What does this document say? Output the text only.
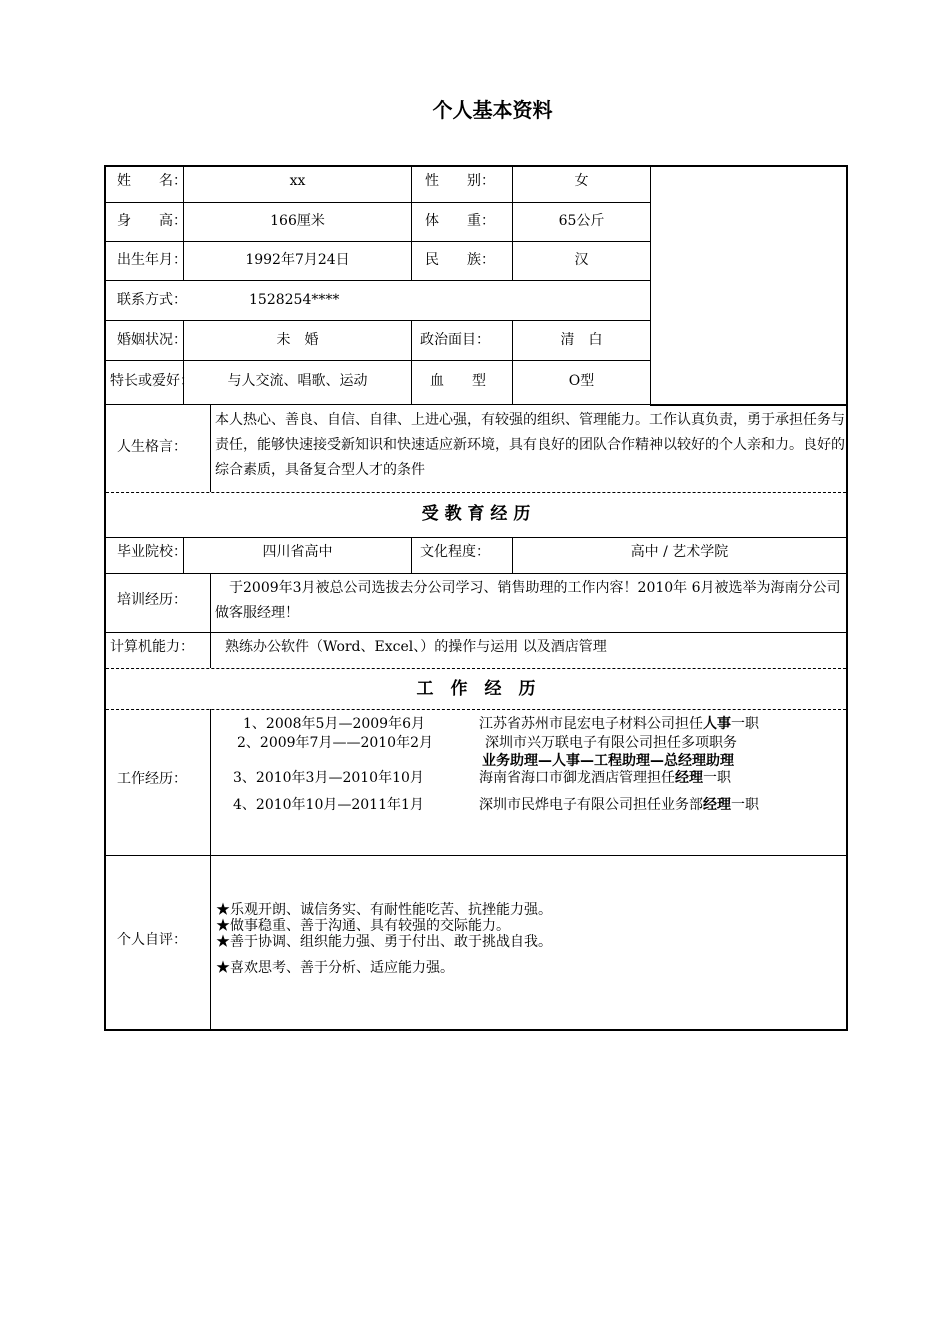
个人基本资料
姓　　名：	xx	性　　别：	女
身　　高：	166厘米	体　　重：	65公斤
出生年月：	1992年7月24日	民　　族：	汉
联系方式：	1528254****
婚姻状况：	未　婚	政治面目：	清　白
特长或爱好：	与人交流、唱歌、运动	血　　型	O型
人生格言：
本人热心、善良、自信、自律、上进心强，有较强的组织、管理能力。工作认真负责，勇于承担任务与责任，能够快速接受新知识和快速适应新环境，具有良好的团队合作精神以较好的个人亲和力。良好的综合素质，具备复合型人才的条件
受 教 育 经 历
毕业院校：	四川省高中	文化程度：	高中 / 艺术学院
培训经历：
　于2009年3月被总公司选拔去分公司学习、销售助理的工作内容！2010年 6月被选举为海南分公司做客服经理！
计算机能力： 熟练办公软件（Word、Excel、）的操作与运用 以及酒店管理
工　作　经　历
工作经历：
1、2008年5月—2009年6月	江苏省苏州市昆宏电子材料公司担任人事一职
2、2009年7月——2010年2月	深圳市兴万联电子有限公司担任多项职务
业务助理—人事—工程助理—总经理助理
3、2010年3月—2010年10月	海南省海口市御龙酒店管理担任经理一职
4、2010年10月—2011年1月	深圳市民烨电子有限公司担任业务部经理一职
个人自评：
★乐观开朗、诚信务实、有耐性能吃苦、抗挫能力强。
★做事稳重、善于沟通、具有较强的交际能力。
★善于协调、组织能力强、勇于付出、敢于挑战自我。
★喜欢思考、善于分析、适应能力强。
